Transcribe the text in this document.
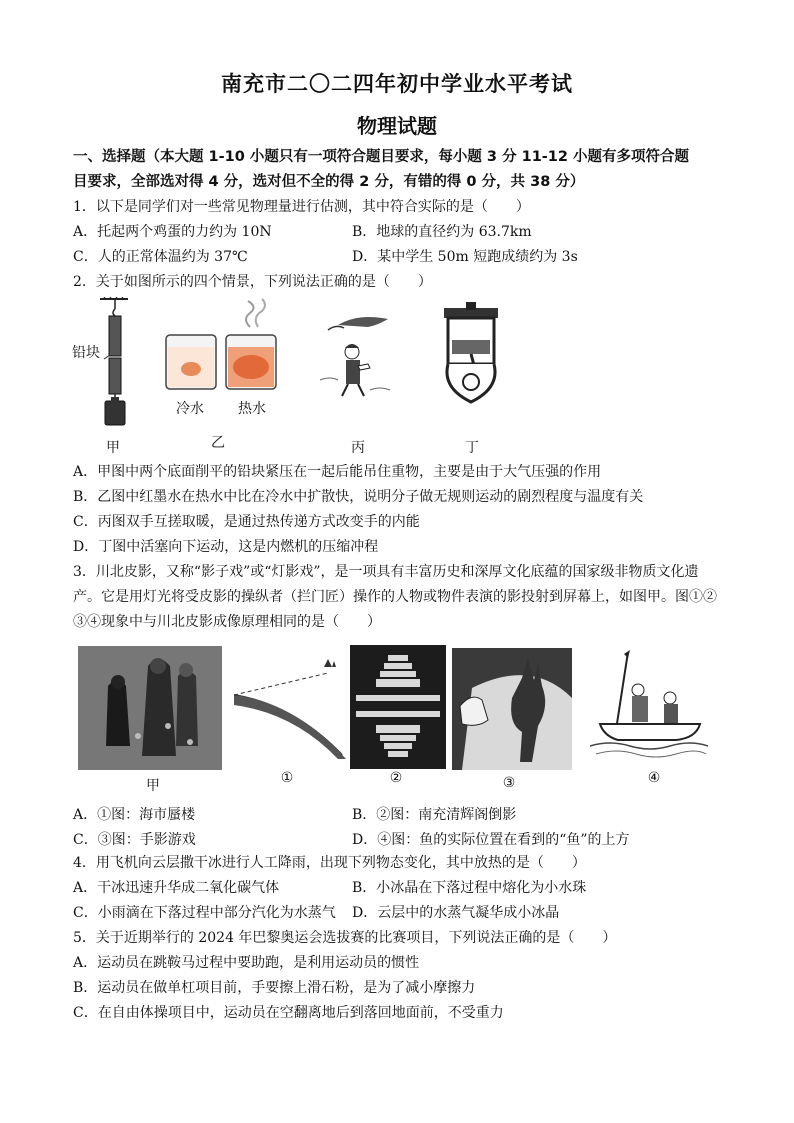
南充市二〇二四年初中学业水平考试
物理试题
一、选择题（本大题 1-10 小题只有一项符合题目要求，每小题 3 分 11-12 小题有多项符合题
目要求，全部选对得 4 分，选对但不全的得 2 分，有错的得 0 分，共 38 分）
1．以下是同学们对一些常见物理量进行估测，其中符合实际的是（　　）
A．托起两个鸡蛋的力约为 10N	B．地球的直径约为 63.7km
C．人的正常体温约为 37℃	D．某中学生 50m 短跑成绩约为 3s
2．关于如图所示的四个情景，下列说法正确的是（　　）
铅块
甲
冷水	热水
乙	丙	丁
A．甲图中两个底面削平的铅块紧压在一起后能吊住重物，主要是由于大气压强的作用
B．乙图中红墨水在热水中比在冷水中扩散快，说明分子做无规则运动的剧烈程度与温度有关
C．丙图双手互搓取暖，是通过热传递方式改变手的内能
D．丁图中活塞向下运动，这是内燃机的压缩冲程
3．川北皮影，又称“影子戏”或“灯影戏”，是一项具有丰富历史和深厚文化底蕴的国家级非物质文化遗
产。它是用灯光将受皮影的操纵者（拦门匠）操作的人物或物件表演的影投射到屏幕上，如图甲。图①②
③④现象中与川北皮影成像原理相同的是（　　）
甲	①	②	③	④
A．①图：海市蜃楼	B．②图：南充清辉阁倒影
C．③图：手影游戏	D．④图：鱼的实际位置在看到的“鱼”的上方
4．用飞机向云层撒干冰进行人工降雨，出现下列物态变化，其中放热的是（　　）
A．干冰迅速升华成二氧化碳气体	B．小冰晶在下落过程中熔化为小水珠
C．小雨滴在下落过程中部分汽化为水蒸气 D．云层中的水蒸气凝华成小冰晶
5．关于近期举行的 2024 年巴黎奥运会选拔赛的比赛项目，下列说法正确的是（　　）
A．运动员在跳鞍马过程中要助跑，是利用运动员的惯性
B．运动员在做单杠项目前，手要擦上滑石粉，是为了减小摩擦力
C．在自由体操项目中，运动员在空翻离地后到落回地面前，不受重力
